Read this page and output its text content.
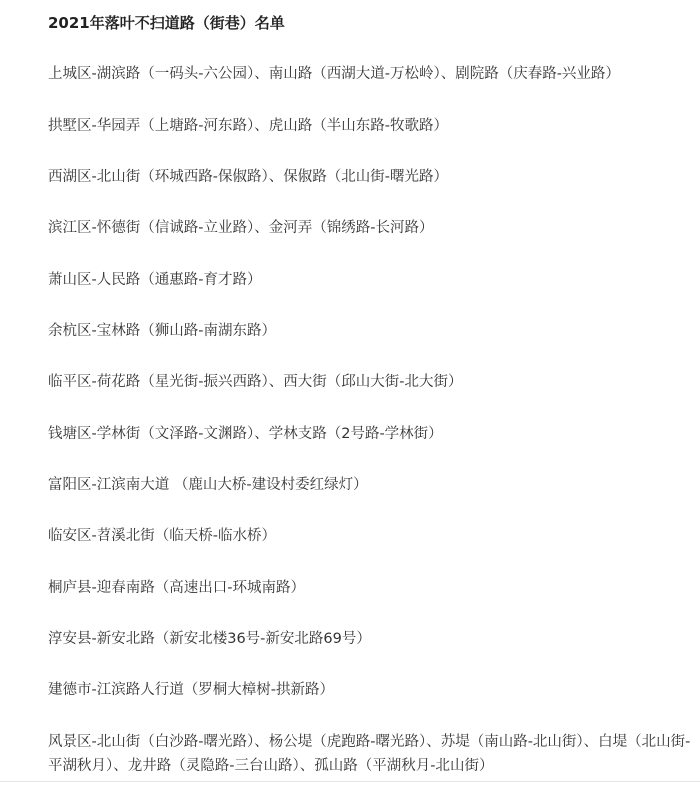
2021年落叶不扫道路（街巷）名单
上城区-湖滨路（一码头-六公园）、南山路（西湖大道-万松岭）、剧院路（庆春路-兴业路）
拱墅区-华园弄（上塘路-河东路）、虎山路（半山东路-牧歌路）
西湖区-北山街（环城西路-保俶路）、保俶路（北山街-曙光路）
滨江区-怀德街（信诚路-立业路）、金河弄（锦绣路-长河路）
萧山区-人民路（通惠路-育才路）
余杭区-宝林路（狮山路-南湖东路）
临平区-荷花路（星光街-振兴西路）、西大街（邱山大街-北大街）
钱塘区-学林街（文泽路-文渊路）、学林支路（2号路-学林街）
富阳区-江滨南大道 （鹿山大桥-建设村委红绿灯）
临安区-苕溪北街（临天桥-临水桥）
桐庐县-迎春南路（高速出口-环城南路）
淳安县-新安北路（新安北楼36号-新安北路69号）
建德市-江滨路人行道（罗桐大樟树-拱新路）
风景区-北山街（白沙路-曙光路）、杨公堤（虎跑路-曙光路）、苏堤（南山路-北山街）、白堤（北山街-平湖秋月）、龙井路（灵隐路-三台山路）、孤山路（平湖秋月-北山街）
